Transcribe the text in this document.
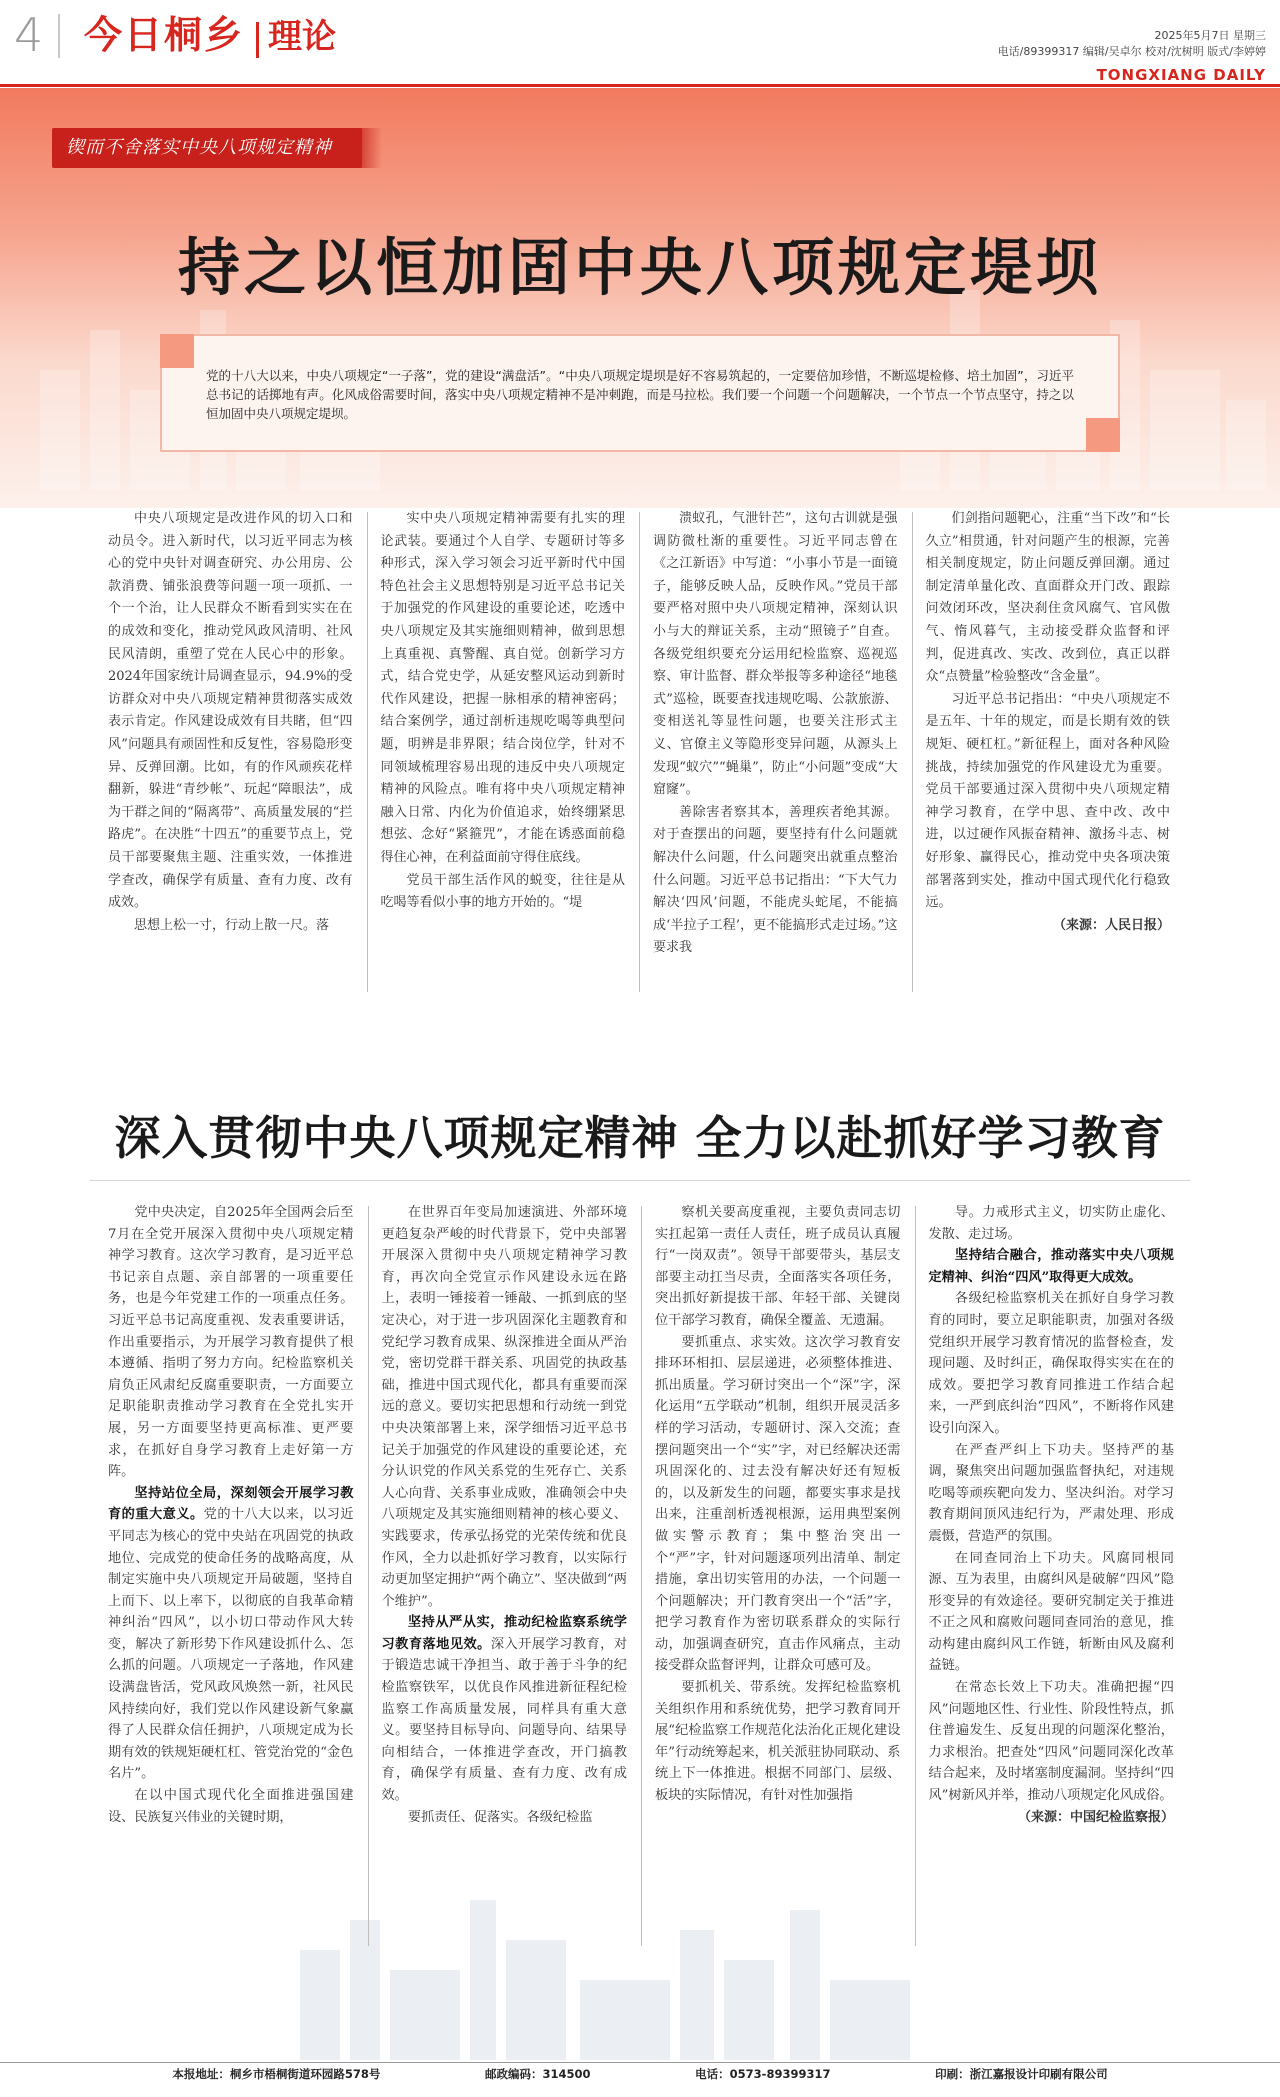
4 今日桐乡 理论	2025年5月7日 星期三
电话/89399317 编辑/吴卓尔 校对/沈树明 版式/李婷婷
TONGXIANG DAILY
锲而不舍落实中央八项规定精神
持之以恒加固中央八项规定堤坝

党的十八大以来，中央八项规定“一子落”，党的建设“满盘活”。“中央八项规定堤坝是好不容易筑起的，一定要倍加珍惜，不断巡堤检修、培土加固”，习近平总书记的话掷地有声。化风成俗需要时间，落实中央八项规定精神不是冲刺跑，而是马拉松。我们要一个问题一个问题解决，一个节点一个节点坚守，持之以恒加固中央八项规定堤坝。

中央八项规定是改进作风的切入口和动员令。进入新时代，以习近平同志为核心的党中央针对调查研究、办公用房、公款消费、铺张浪费等问题一项一项抓、一个一个治，让人民群众不断看到实实在在的成效和变化，推动党风政风清明、社风民风清朗，重塑了党在人民心中的形象。2024年国家统计局调查显示，94.9%的受访群众对中央八项规定精神贯彻落实成效表示肯定。作风建设成效有目共睹，但“四风”问题具有顽固性和反复性，容易隐形变异、反弹回潮。比如，有的作风顽疾花样翻新，躲进“青纱帐”、玩起“障眼法”，成为干群之间的“隔离带”、高质量发展的“拦路虎”。在决胜“十四五”的重要节点上，党员干部要聚焦主题、注重实效，一体推进学查改，确保学有质量、查有力度、改有成效。

思想上松一寸，行动上散一尺。落

实中央八项规定精神需要有扎实的理论武装。要通过个人自学、专题研讨等多种形式，深入学习领会习近平新时代中国特色社会主义思想特别是习近平总书记关于加强党的作风建设的重要论述，吃透中央八项规定及其实施细则精神，做到思想上真重视、真警醒、真自觉。创新学习方式，结合党史学，从延安整风运动到新时代作风建设，把握一脉相承的精神密码；结合案例学，通过剖析违规吃喝等典型问题，明辨是非界限；结合岗位学，针对不同领域梳理容易出现的违反中央八项规定精神的风险点。唯有将中央八项规定精神融入日常、内化为价值追求，始终绷紧思想弦、念好“紧箍咒”，才能在诱惑面前稳得住心神，在利益面前守得住底线。

党员干部生活作风的蜕变，往往是从吃喝等看似小事的地方开始的。“堤

溃蚁孔，气泄针芒”，这句古训就是强调防微杜渐的重要性。习近平同志曾在《之江新语》中写道：“小事小节是一面镜子，能够反映人品，反映作风。”党员干部要严格对照中央八项规定精神，深刻认识小与大的辩证关系，主动“照镜子”自查。各级党组织要充分运用纪检监察、巡视巡察、审计监督、群众举报等多种途径“地毯式”巡检，既要查找违规吃喝、公款旅游、变相送礼等显性问题，也要关注形式主义、官僚主义等隐形变异问题，从源头上发现“蚁穴”“蝇巢”，防止“小问题”变成“大窟窿”。

善除害者察其本，善理疾者绝其源。对于查摆出的问题，要坚持有什么问题就解决什么问题，什么问题突出就重点整治什么问题。习近平总书记指出：“下大气力解决‘四风’问题，不能虎头蛇尾，不能搞成‘半拉子工程’，更不能搞形式走过场。”这要求我

们剑指问题靶心，注重“当下改”和“长久立”相贯通，针对问题产生的根源，完善相关制度规定，防止问题反弹回潮。通过制定清单量化改、直面群众开门改、跟踪问效闭环改，坚决刹住贪风腐气、官风傲气、惰风暮气，主动接受群众监督和评判，促进真改、实改、改到位，真正以群众“点赞量”检验整改“含金量”。

习近平总书记指出：“中央八项规定不是五年、十年的规定，而是长期有效的铁规矩、硬杠杠。”新征程上，面对各种风险挑战，持续加强党的作风建设尤为重要。党员干部要通过深入贯彻中央八项规定精神学习教育，在学中思、查中改、改中进，以过硬作风振奋精神、激扬斗志、树好形象、赢得民心，推动党中央各项决策部署落到实处，推动中国式现代化行稳致远。

（来源：人民日报）

深入贯彻中央八项规定精神 全力以赴抓好学习教育

党中央决定，自2025年全国两会后至7月在全党开展深入贯彻中央八项规定精神学习教育。这次学习教育，是习近平总书记亲自点题、亲自部署的一项重要任务，也是今年党建工作的一项重点任务。习近平总书记高度重视、发表重要讲话，作出重要指示，为开展学习教育提供了根本遵循、指明了努力方向。纪检监察机关肩负正风肃纪反腐重要职责，一方面要立足职能职责推动学习教育在全党扎实开展，另一方面要坚持更高标准、更严要求，在抓好自身学习教育上走好第一方阵。

坚持站位全局，深刻领会开展学习教育的重大意义。党的十八大以来，以习近平同志为核心的党中央站在巩固党的执政地位、完成党的使命任务的战略高度，从制定实施中央八项规定开局破题，坚持自上而下、以上率下，以彻底的自我革命精神纠治“四风”，以小切口带动作风大转变，解决了新形势下作风建设抓什么、怎么抓的问题。八项规定一子落地，作风建设满盘皆活，党风政风焕然一新，社风民风持续向好，我们党以作风建设新气象赢得了人民群众信任拥护，八项规定成为长期有效的铁规矩硬杠杠、管党治党的“金色名片”。

在以中国式现代化全面推进强国建设、民族复兴伟业的关键时期，

在世界百年变局加速演进、外部环境更趋复杂严峻的时代背景下，党中央部署开展深入贯彻中央八项规定精神学习教育，再次向全党宣示作风建设永远在路上，表明一锤接着一锤敲、一抓到底的坚定决心，对于进一步巩固深化主题教育和党纪学习教育成果、纵深推进全面从严治党，密切党群干群关系、巩固党的执政基础，推进中国式现代化，都具有重要而深远的意义。要切实把思想和行动统一到党中央决策部署上来，深学细悟习近平总书记关于加强党的作风建设的重要论述，充分认识党的作风关系党的生死存亡、关系人心向背、关系事业成败，准确领会中央八项规定及其实施细则精神的核心要义、实践要求，传承弘扬党的光荣传统和优良作风，全力以赴抓好学习教育，以实际行动更加坚定拥护“两个确立”、坚决做到“两个维护”。

坚持从严从实，推动纪检监察系统学习教育落地见效。深入开展学习教育，对于锻造忠诚干净担当、敢于善于斗争的纪检监察铁军，以优良作风推进新征程纪检监察工作高质量发展，同样具有重大意义。要坚持目标导向、问题导向、结果导向相结合，一体推进学查改，开门搞教育，确保学有质量、查有力度、改有成效。

要抓责任、促落实。各级纪检监

察机关要高度重视，主要负责同志切实扛起第一责任人责任，班子成员认真履行“一岗双责”。领导干部要带头，基层支部要主动扛当尽责，全面落实各项任务，突出抓好新提拔干部、年轻干部、关键岗位干部学习教育，确保全覆盖、无遗漏。

要抓重点、求实效。这次学习教育安排环环相扣、层层递进，必须整体推进、抓出质量。学习研讨突出一个“深”字，深化运用“五学联动”机制，组织开展灵活多样的学习活动，专题研讨、深入交流；查摆问题突出一个“实”字，对已经解决还需巩固深化的、过去没有解决好还有短板的，以及新发生的问题，都要实事求是找出来，注重剖析透视根源，运用典型案例做实警示教育；集中整治突出一个“严”字，针对问题逐项列出清单、制定措施，拿出切实管用的办法，一个问题一个问题解决；开门教育突出一个“活”字，把学习教育作为密切联系群众的实际行动，加强调查研究，直击作风痛点，主动接受群众监督评判，让群众可感可及。

要抓机关、带系统。发挥纪检监察机关组织作用和系统优势，把学习教育同开展“纪检监察工作规范化法治化正规化建设年”行动统筹起来，机关派驻协同联动、系统上下一体推进。根据不同部门、层级、板块的实际情况，有针对性加强指

导。力戒形式主义，切实防止虚化、发散、走过场。

坚持结合融合，推动落实中央八项规定精神、纠治“四风”取得更大成效。

各级纪检监察机关在抓好自身学习教育的同时，要立足职能职责，加强对各级党组织开展学习教育情况的监督检查，发现问题、及时纠正，确保取得实实在在的成效。要把学习教育同推进工作结合起来，一严到底纠治“四风”，不断将作风建设引向深入。

在严查严纠上下功夫。坚持严的基调，聚焦突出问题加强监督执纪，对违规吃喝等顽疾靶向发力、坚决纠治。对学习教育期间顶风违纪行为，严肃处理、形成震慑，营造严的氛围。

在同查同治上下功夫。风腐同根同源、互为表里，由腐纠风是破解“四风”隐形变异的有效途径。要研究制定关于推进不正之风和腐败问题同查同治的意见，推动构建由腐纠风工作链，斩断由风及腐利益链。

在常态长效上下功夫。准确把握“四风”问题地区性、行业性、阶段性特点，抓住普遍发生、反复出现的问题深化整治，力求根治。把查处“四风”问题同深化改革结合起来，及时堵塞制度漏洞。坚持纠“四风”树新风并举，推动八项规定化风成俗。

（来源：中国纪检监察报）

本报地址：桐乡市梧桐街道环园路578号	邮政编码：314500	电话：0573-89399317	印刷：浙江嘉报设计印刷有限公司
